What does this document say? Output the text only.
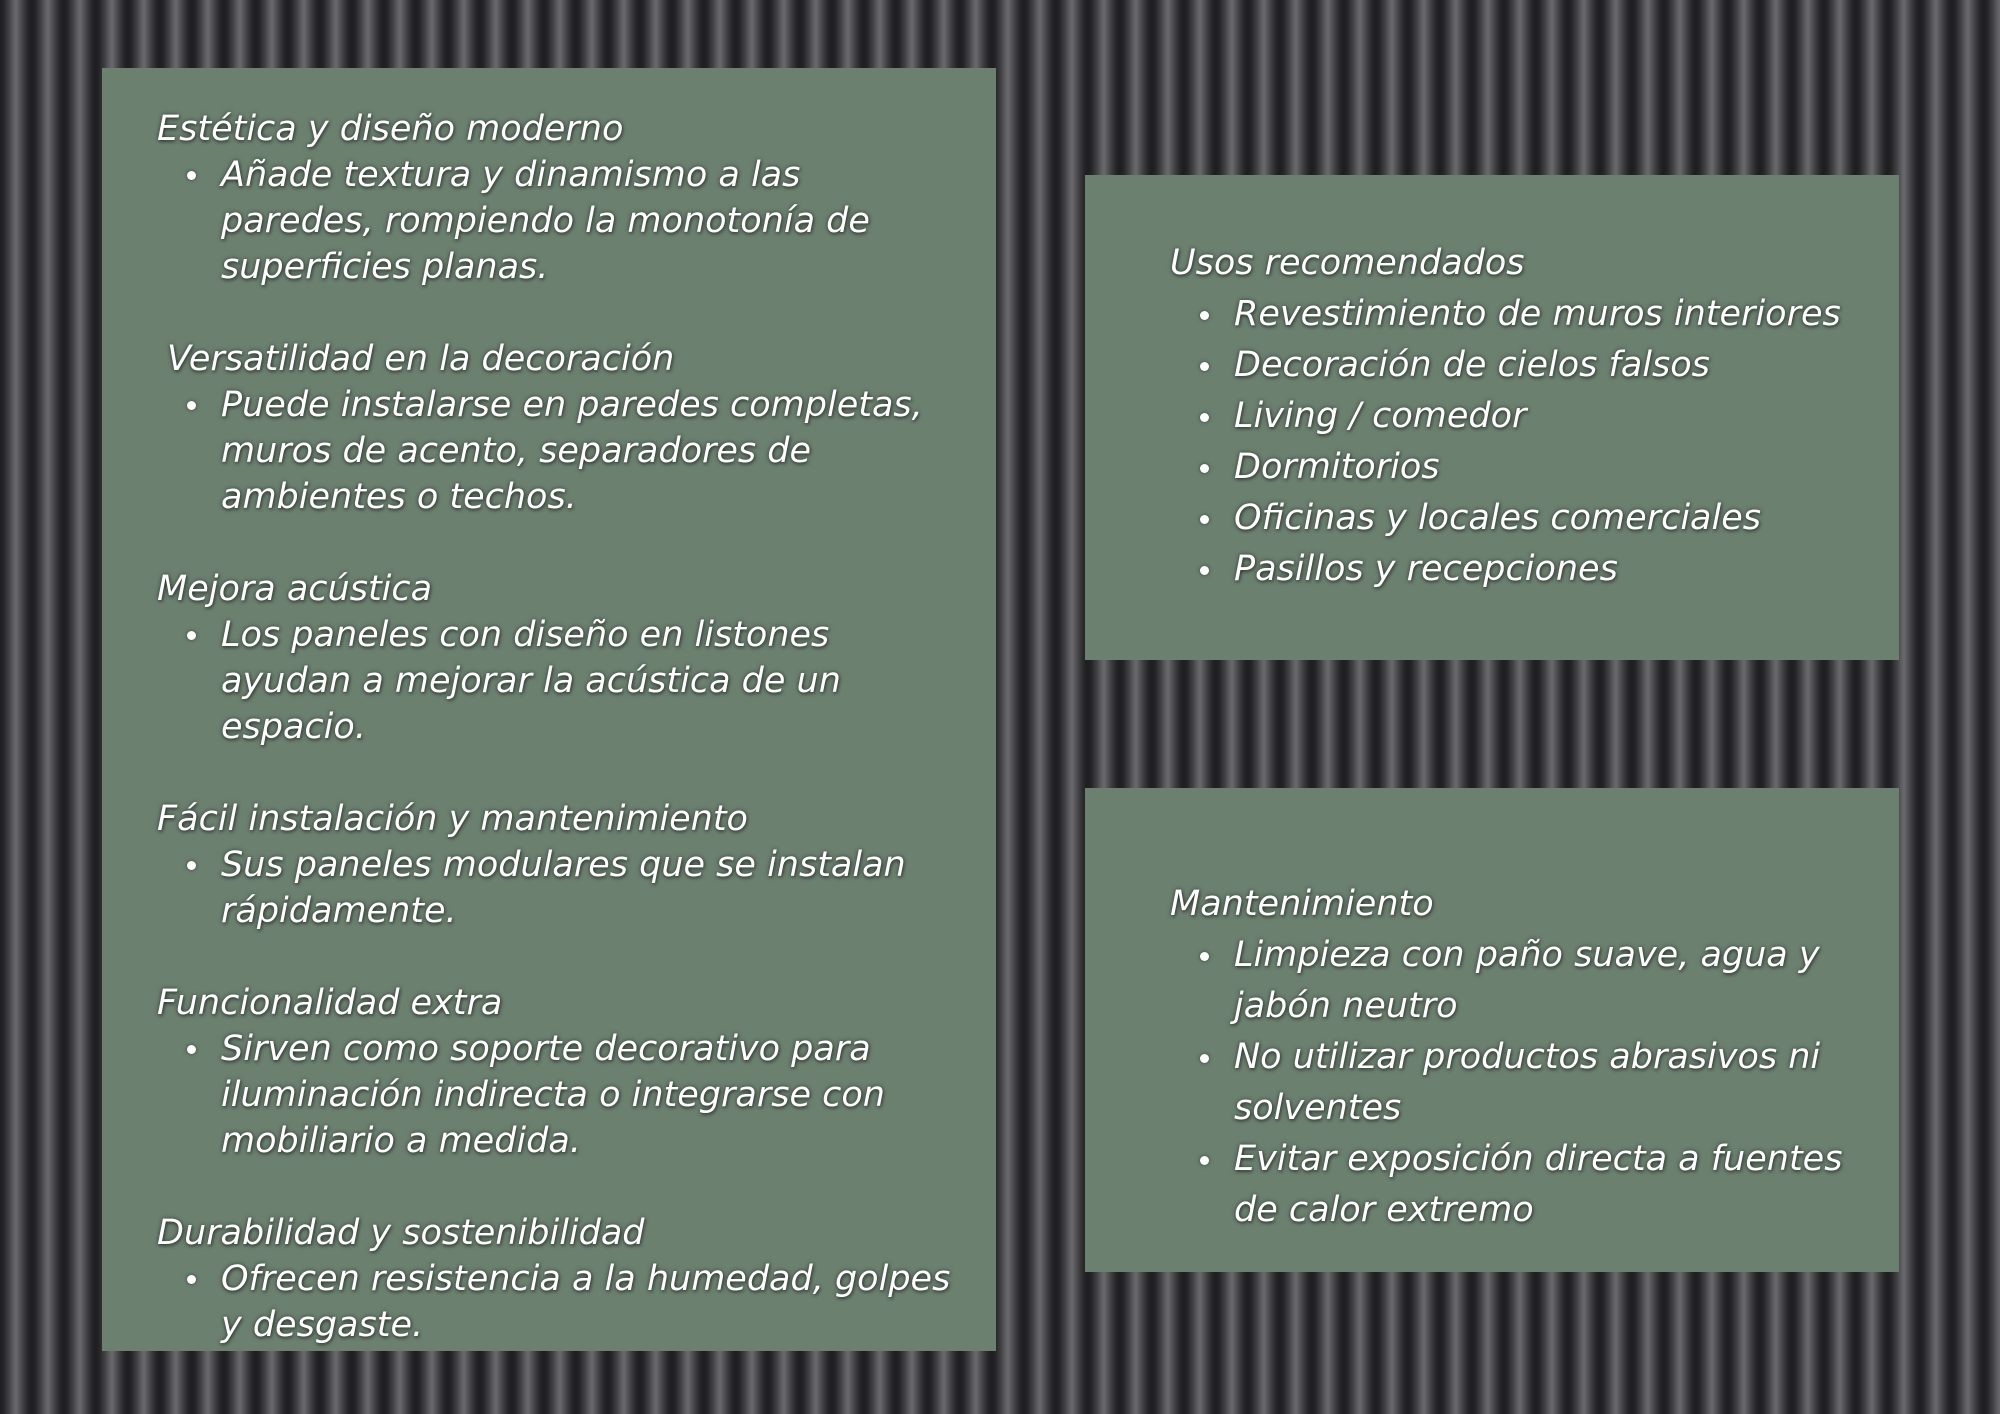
Estética y diseño moderno
Añade textura y dinamismo a las paredes, rompiendo la monotonía de superficies planas.
Versatilidad en la decoración
Puede instalarse en paredes completas, muros de acento, separadores de ambientes o techos.
Mejora acústica
Los paneles con diseño en listones ayudan a mejorar la acústica de un espacio.
Fácil instalación y mantenimiento
Sus paneles modulares que se instalan rápidamente.
Funcionalidad extra
Sirven como soporte decorativo para iluminación indirecta o integrarse con mobiliario a medida.
Durabilidad y sostenibilidad
Ofrecen resistencia a la humedad, golpes y desgaste.
Usos recomendados
Revestimiento de muros interiores
Decoración de cielos falsos
Living / comedor
Dormitorios
Oficinas y locales comerciales
Pasillos y recepciones
Mantenimiento
Limpieza con paño suave, agua y jabón neutro
No utilizar productos abrasivos ni solventes
Evitar exposición directa a fuentes de calor extremo
